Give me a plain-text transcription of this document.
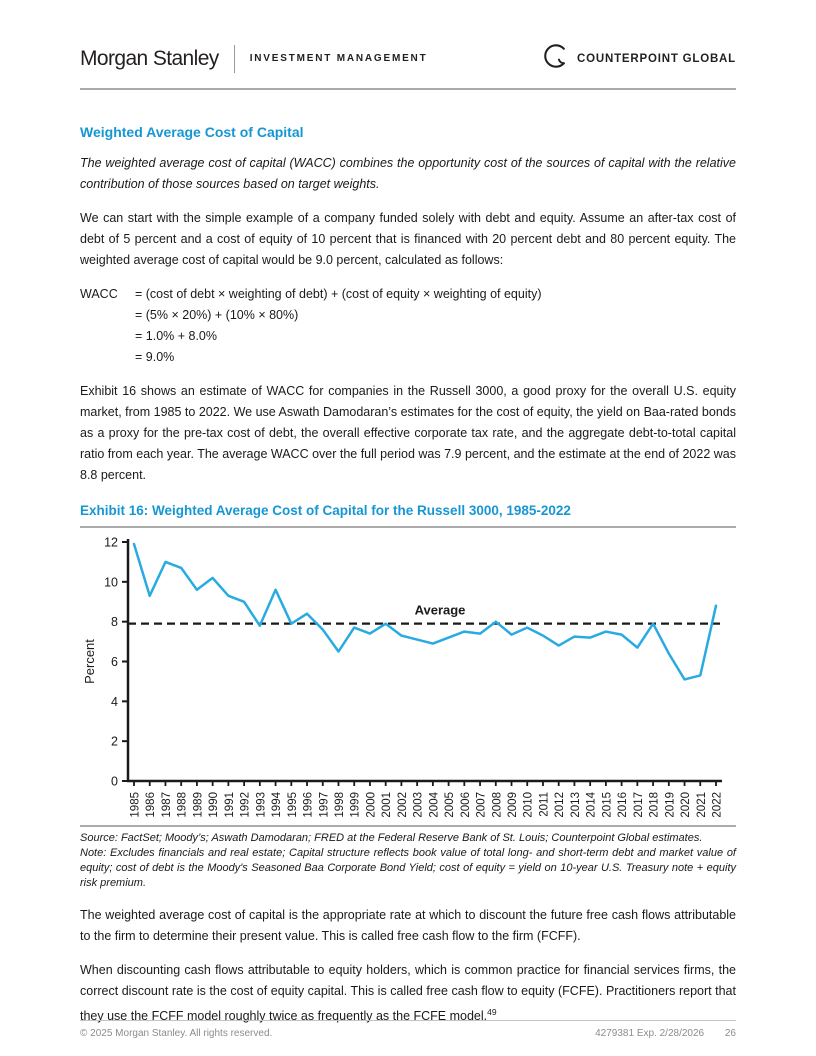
Morgan Stanley	INVESTMENT MANAGEMENT	COUNTERPOINT GLOBAL
Weighted Average Cost of Capital

The weighted average cost of capital (WACC) combines the opportunity cost of the sources of capital with the relative contribution of those sources based on target weights.

We can start with the simple example of a company funded solely with debt and equity. Assume an after-tax cost of debt of 5 percent and a cost of equity of 10 percent that is financed with 20 percent debt and 80 percent equity. The weighted average cost of capital would be 9.0 percent, calculated as follows:

WACC	= (cost of debt × weighting of debt) + (cost of equity × weighting of equity)
= (5% × 20%) + (10% × 80%)
= 1.0% + 8.0%
= 9.0%

Exhibit 16 shows an estimate of WACC for companies in the Russell 3000, a good proxy for the overall U.S. equity market, from 1985 to 2022. We use Aswath Damodaran’s estimates for the cost of equity, the yield on Baa-rated bonds as a proxy for the pre-tax cost of debt, the overall effective corporate tax rate, and the aggregate debt-to-total capital ratio from each year. The average WACC over the full period was 7.9 percent, and the estimate at the end of 2022 was 8.8 percent.

Exhibit 16: Weighted Average Cost of Capital for the Russell 3000, 1985-2022
0
2
4
6
8
10
12
1985 1986 1987 1988 1989 1990 1991 1992 1993 1994 1995 1996 1997 1998 1999 2000 2001 2002 2003 2004 2005 2006 2007 2008 2009 2010 2011 2012 2013 2014 2015 2016 2017 2018 2019 2020 2021 2022
Average
Percent
Source: FactSet; Moody’s; Aswath Damodaran; FRED at the Federal Reserve Bank of St. Louis; Counterpoint Global estimates.
Note: Excludes financials and real estate; Capital structure reflects book value of total long- and short-term debt and market value of equity; cost of debt is the Moody's Seasoned Baa Corporate Bond Yield; cost of equity = yield on 10-year U.S. Treasury note + equity risk premium.

The weighted average cost of capital is the appropriate rate at which to discount the future free cash flows attributable to the firm to determine their present value. This is called free cash flow to the firm (FCFF).

When discounting cash flows attributable to equity holders, which is common practice for financial services firms, the correct discount rate is the cost of equity capital. This is called free cash flow to equity (FCFE). Practitioners report that they use the FCFF model roughly twice as frequently as the FCFE model.$^{49}$

© 2025 Morgan Stanley. All rights reserved.	4279381 Exp. 2/28/2026 26
